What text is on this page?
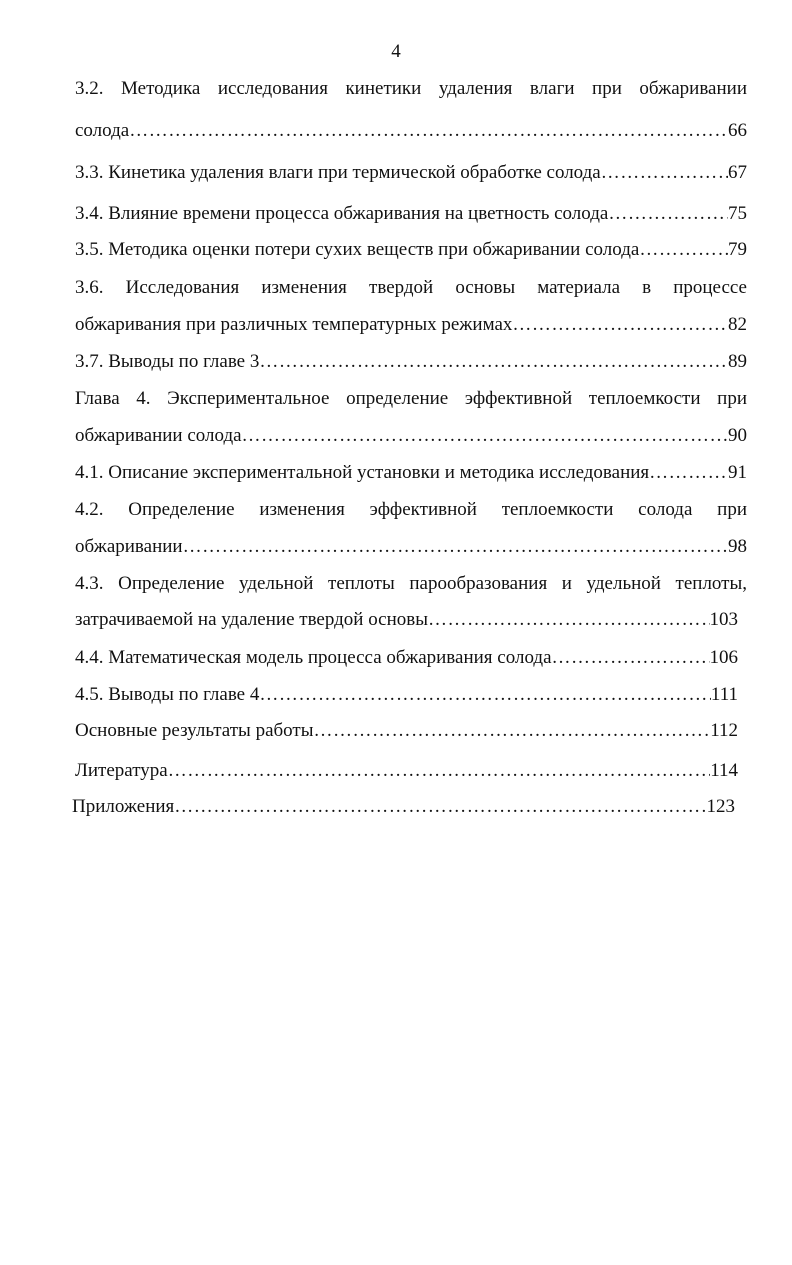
4
3.2. Методика исследования кинетики удаления влаги при обжаривании
солода ……………………………………………………………………………………………………………………………………………………………………	66
3.3. Кинетика удаления влаги при термической обработке солода ……………………………………………………………………………………………………………………………………………………………………	67
3.4. Влияние времени процесса обжаривания на цветность солода ……………………………………………………………………………………………………………………………………………………………………	75
3.5. Методика оценки потери сухих веществ при обжаривании солода ……………………………………………………………………………………………………………………………………………………………………	79
3.6. Исследования изменения твердой основы материала в процессе
обжаривания при различных температурных режимах ……………………………………………………………………………………………………………………………………………………………………	82
3.7. Выводы по главе 3 ……………………………………………………………………………………………………………………………………………………………………	89
Глава 4. Экспериментальное определение эффективной теплоемкости при
обжаривании солода ……………………………………………………………………………………………………………………………………………………………………	90
4.1. Описание экспериментальной установки и методика исследования ……………………………………………………………………………………………………………………………………………………………………	91
4.2. Определение изменения эффективной теплоемкости солода при
обжаривании ……………………………………………………………………………………………………………………………………………………………………	98
4.3. Определение удельной теплоты парообразования и удельной теплоты,
затрачиваемой на удаление твердой основы ……………………………………………………………………………………………………………………………………………………………………	103
4.4. Математическая модель процесса обжаривания солода ……………………………………………………………………………………………………………………………………………………………………	106
4.5. Выводы по главе 4 ……………………………………………………………………………………………………………………………………………………………………	111
Основные результаты работы ……………………………………………………………………………………………………………………………………………………………………	112
Литература ……………………………………………………………………………………………………………………………………………………………………	114
Приложения ……………………………………………………………………………………………………………………………………………………………………	123
